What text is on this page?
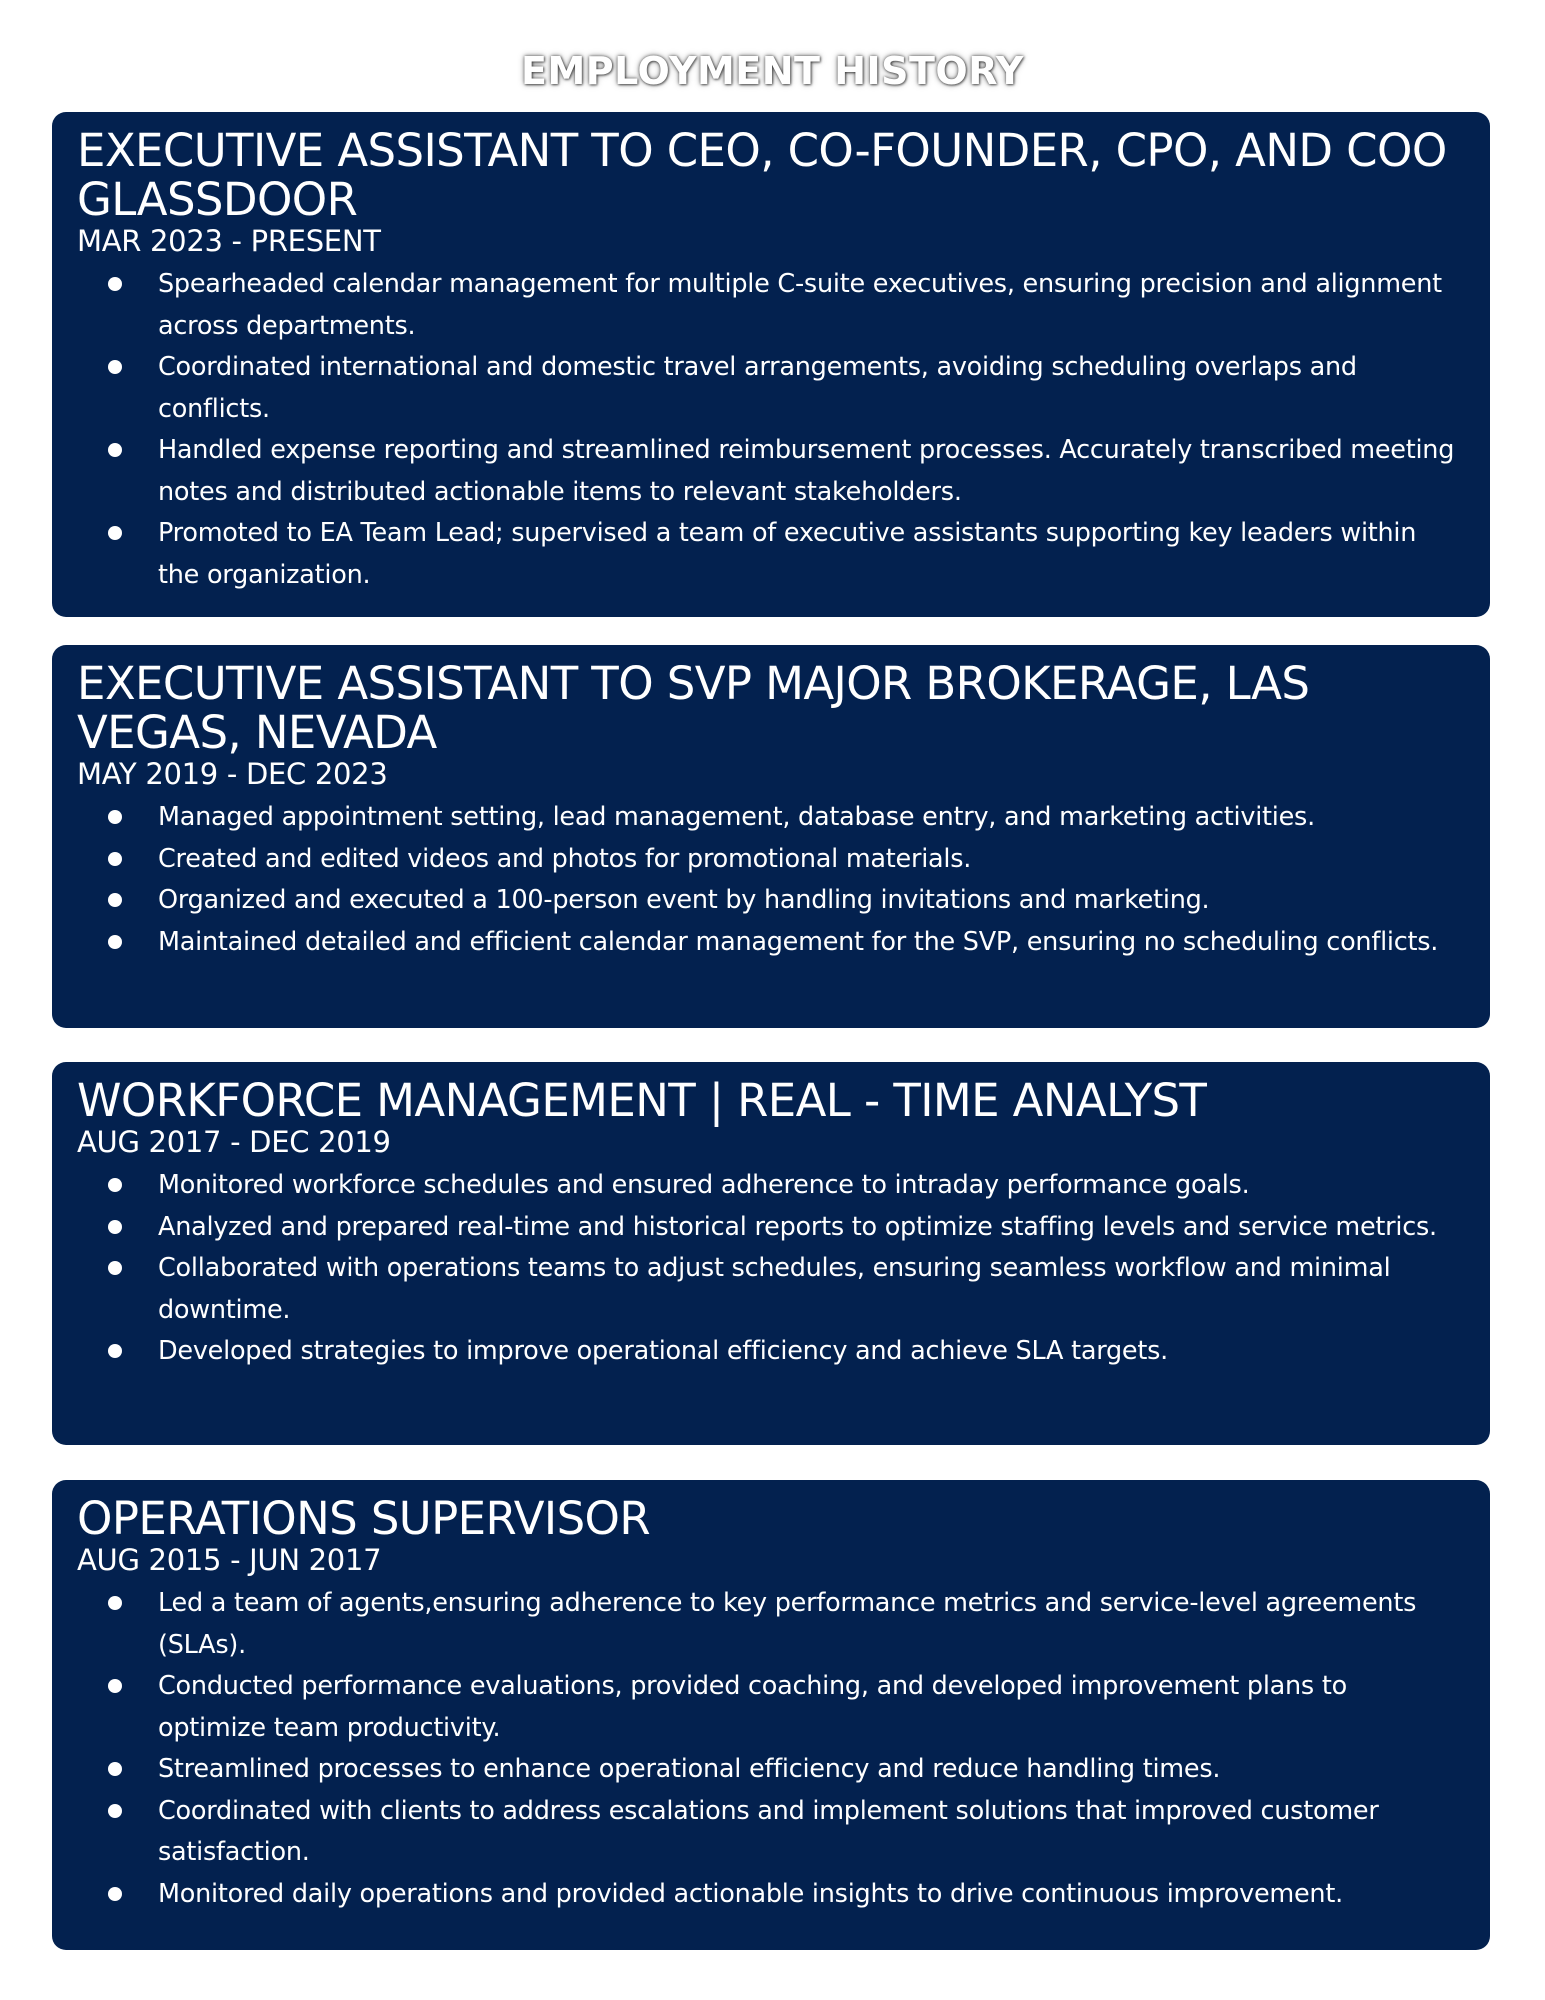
EMPLOYMENT HISTORY
EXECUTIVE ASSISTANT TO CEO, CO-FOUNDER, CPO, AND COO GLASSDOOR
MAR 2023 - PRESENT
Spearheaded calendar management for multiple C-suite executives, ensuring precision and alignment across departments.
Coordinated international and domestic travel arrangements, avoiding scheduling overlaps and conflicts.
Handled expense reporting and streamlined reimbursement processes. Accurately transcribed meeting notes and distributed actionable items to relevant stakeholders.
Promoted to EA Team Lead; supervised a team of executive assistants supporting key leaders within the organization.
EXECUTIVE ASSISTANT TO SVP MAJOR BROKERAGE, LAS VEGAS, NEVADA
MAY 2019 - DEC 2023
Managed appointment setting, lead management, database entry, and marketing activities.
Created and edited videos and photos for promotional materials.
Organized and executed a 100-person event by handling invitations and marketing.
Maintained detailed and efficient calendar management for the SVP, ensuring no scheduling conflicts.
WORKFORCE MANAGEMENT | REAL - TIME ANALYST
AUG 2017 - DEC 2019
Monitored workforce schedules and ensured adherence to intraday performance goals.
Analyzed and prepared real-time and historical reports to optimize staffing levels and service metrics.
Collaborated with operations teams to adjust schedules, ensuring seamless workflow and minimal downtime.
Developed strategies to improve operational efficiency and achieve SLA targets.
OPERATIONS SUPERVISOR
AUG 2015 - JUN 2017
Led a team of agents,ensuring adherence to key performance metrics and service-level agreements (SLAs).
Conducted performance evaluations, provided coaching, and developed improvement plans to optimize team productivity.
Streamlined processes to enhance operational efficiency and reduce handling times.
Coordinated with clients to address escalations and implement solutions that improved customer satisfaction.
Monitored daily operations and provided actionable insights to drive continuous improvement.
